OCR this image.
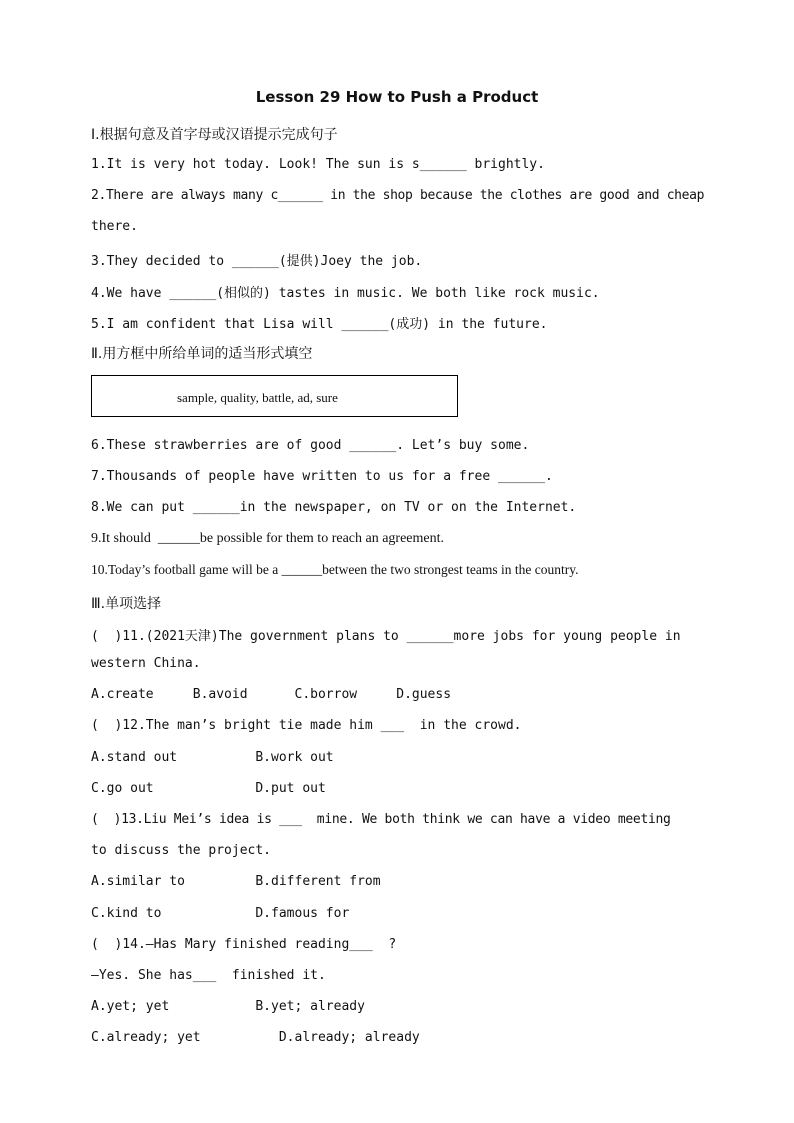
Lesson 29 How to Push a Product
Ⅰ.根据句意及首字母或汉语提示完成句子
1.It is very hot today. Look! The sun is s______ brightly.
2.There are always many c______ in the shop because the clothes are good and cheap
there.
3.They decided to ______(提供)Joey the job.
4.We have ______(相似的) tastes in music. We both like rock music.
5.I am confident that Lisa will ______(成功) in the future.
Ⅱ.用方框中所给单词的适当形式填空
sample, quality, battle, ad, sure
6.These strawberries are of good ______. Let’s buy some.
7.Thousands of people have written to us for a free ______.
8.We can put ______in the newspaper, on TV or on the Internet.
9.It should  ______be possible for them to reach an agreement.
10.Today’s football game will be a ______between the two strongest teams in the country.
Ⅲ.单项选择
(  )11.(2021天津)The government plans to ______more jobs for young people in
western China.
A.create     B.avoid      C.borrow     D.guess
(  )12.The man’s bright tie made him ___  in the crowd.
A.stand out          B.work out
C.go out             D.put out
(  )13.Liu Mei’s idea is ___  mine. We both think we can have a video meeting
to discuss the project.
A.similar to         B.different from
C.kind to            D.famous for
(  )14.—Has Mary finished reading___  ?
—Yes. She has___  finished it.
A.yet; yet           B.yet; already
C.already; yet          D.already; already
